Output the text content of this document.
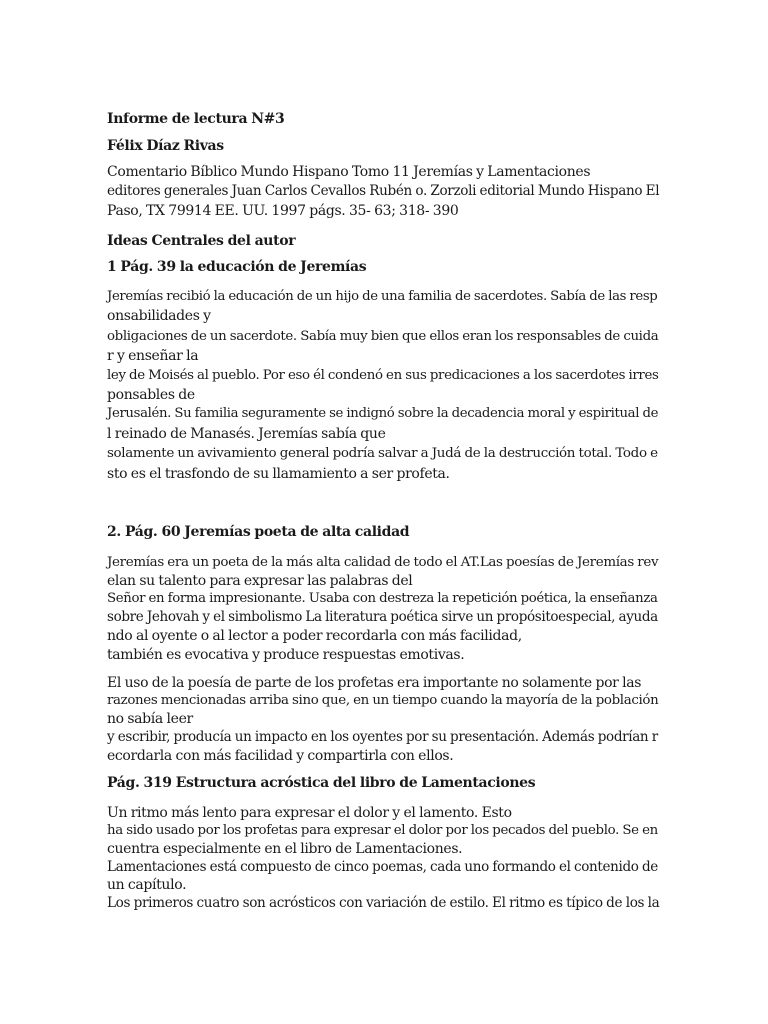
Informe de lectura N#3
Félix Díaz Rivas
Comentario Bíblico Mundo Hispano Tomo 11 Jeremías y Lamentaciones
editores generales Juan Carlos Cevallos Rubén o. Zorzoli editorial Mundo Hispano El
Paso, TX 79914 EE. UU. 1997 págs. 35- 63; 318- 390
Ideas Centrales del autor
1 Pág. 39 la educación de Jeremías
Jeremías recibió la educación de un hijo de una familia de sacerdotes. Sabía de las resp
onsabilidades y
obligaciones de un sacerdote. Sabía muy bien que ellos eran los responsables de cuida
r y enseñar la
ley de Moisés al pueblo. Por eso él condenó en sus predicaciones a los sacerdotes irres
ponsables de
Jerusalén. Su familia seguramente se indignó sobre la decadencia moral y espiritual de
l reinado de Manasés. Jeremías sabía que
solamente un avivamiento general podría salvar a Judá de la destrucción total. Todo e
sto es el trasfondo de su llamamiento a ser profeta.
2. Pág. 60 Jeremías poeta de alta calidad
Jeremías era un poeta de la más alta calidad de todo el AT.Las poesías de Jeremías rev
elan su talento para expresar las palabras del
Señor en forma impresionante. Usaba con destreza la repetición poética, la enseñanza
sobre Jehovah y el simbolismo La literatura poética sirve un propósitoespecial, ayuda
ndo al oyente o al lector a poder recordarla con más facilidad,
también es evocativa y produce respuestas emotivas.
El uso de la poesía de parte de los profetas era importante no solamente por las
razones mencionadas arriba sino que, en un tiempo cuando la mayoría de la población
no sabía leer
y escribir, producía un impacto en los oyentes por su presentación. Además podrían r
ecordarla con más facilidad y compartirla con ellos.
Pág. 319 Estructura acróstica del libro de Lamentaciones
Un ritmo más lento para expresar el dolor y el lamento. Esto
ha sido usado por los profetas para expresar el dolor por los pecados del pueblo. Se en
cuentra especialmente en el libro de Lamentaciones.
Lamentaciones está compuesto de cinco poemas, cada uno formando el contenido de
un capítulo.
Los primeros cuatro son acrósticos con variación de estilo. El ritmo es típico de los la
